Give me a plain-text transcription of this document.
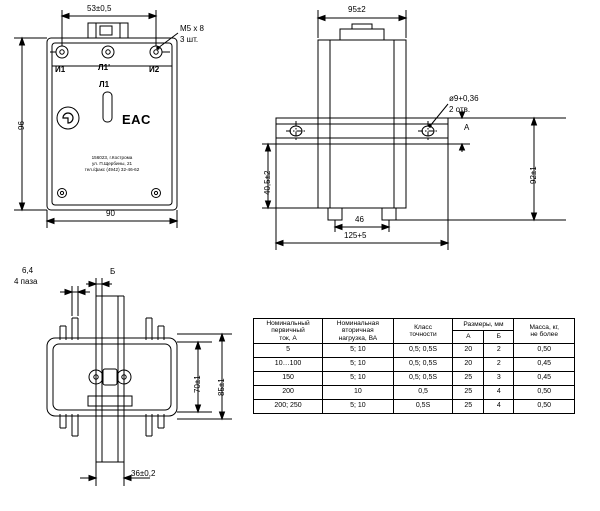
53±0,5
96
90
M5 x 8
3 шт.
И1	Л1'	И2
Л1
EAC
156023, г.Кострома
ул. П.Щербины, 21
тел./факс (4942) 32-46-62
95±2
92±1
46
125+5
40,5±2
ø9+0,36
2 отв.
А
6,4
4 паза
Б
70±1 85±1
36±0,2
Номинальный
первичный
ток, А	Номинальная
вторичная
нагрузка, ВА	Класс
точности	Размеры, мм		Масса, кг,
не более
			А	Б	
5	5; 10	0,5; 0,5S	20	2	0,50
10…100	5; 10	0,5; 0,5S	20	2	0,45
150	5; 10	0,5; 0,5S	25	3	0,45
200	10	0,5	25	4	0,50
200; 250	5; 10	0,5S	25	4	0,50
